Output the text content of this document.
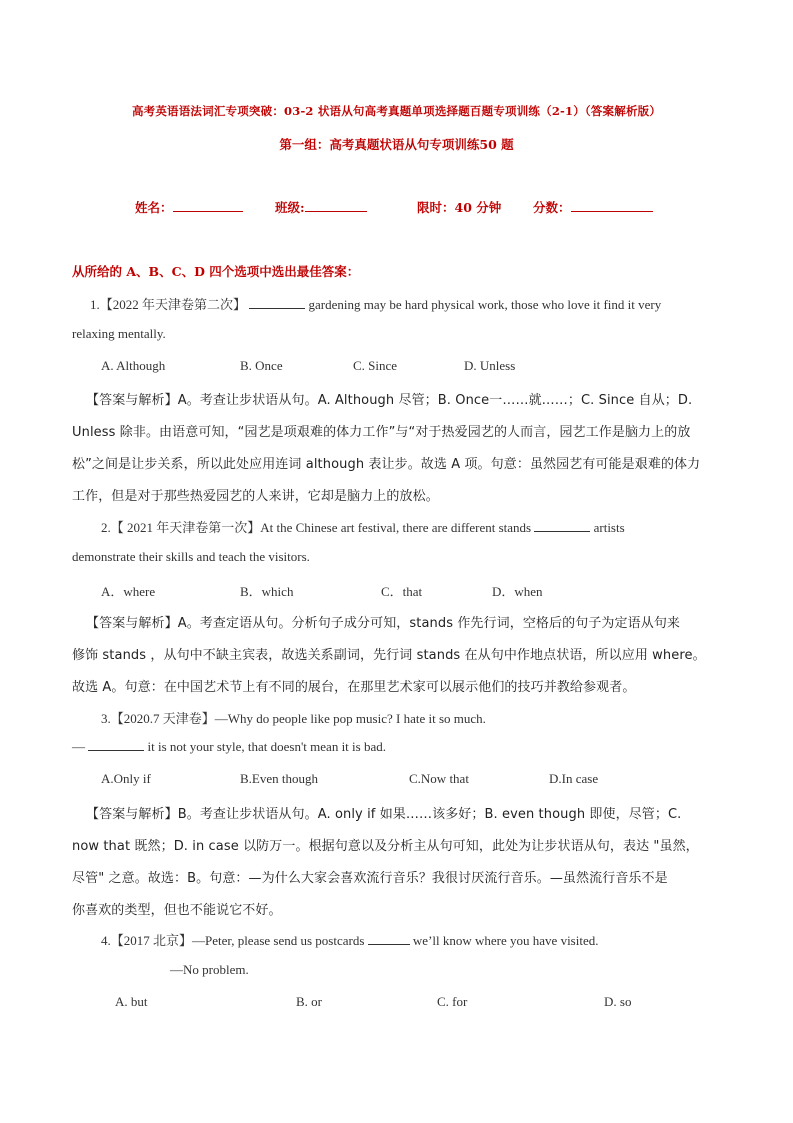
高考英语语法词汇专项突破：03-2 状语从句高考真题单项选择题百题专项训练（2-1）（答案解析版）
第一组：高考真题状语从句专项训练50 题
姓名：	班级:	限时：40 分钟	分数：
从所给的 A、B、C、D 四个选项中选出最佳答案：
1.【2022 年天津卷第二次】	gardening may be hard physical work, those who love it find it very
relaxing mentally.
A. Although	B. Once	C. Since	D. Unless
【答案与解析】A。考查让步状语从句。A. Although 尽管；B. Once一……就……；C. Since 自从；D.
Unless 除非。由语意可知，“园艺是项艰难的体力工作”与“对于热爱园艺的人而言，园艺工作是脑力上的放
松”之间是让步关系，所以此处应用连词 although 表让步。故选 A 项。句意：虽然园艺有可能是艰难的体力
工作，但是对于那些热爱园艺的人来讲，它却是脑力上的放松。
2.【 2021 年天津卷第一次】At the Chinese art festival, there are different stands	artists
demonstrate their skills and teach the visitors.
A．where	B．which	C．that	D．when
【答案与解析】A。考查定语从句。分析句子成分可知，stands 作先行词，空格后的句子为定语从句来
修饰 stands ，从句中不缺主宾表，故选关系副词，先行词 stands 在从句中作地点状语，所以应用 where。
故选 A。句意：在中国艺术节上有不同的展台，在那里艺术家可以展示他们的技巧并教给参观者。
3.【2020.7 天津卷】—Why do people like pop music? I hate it so much.
—	it is not your style, that doesn't mean it is bad.
A.Only if	B.Even though	C.Now that	D.In case
【答案与解析】B。考查让步状语从句。A. only if 如果……该多好；B. even though 即使，尽管；C.
now that 既然；D. in case 以防万一。根据句意以及分析主从句可知，此处为让步状语从句，表达 "虽然，
尽管" 之意。故选：B。句意：—为什么大家会喜欢流行音乐？我很讨厌流行音乐。—虽然流行音乐不是
你喜欢的类型，但也不能说它不好。
4.【2017 北京】—Peter, please send us postcards	we’ll know where you have visited.
—No problem.
A. but	B. or	C. for	D. so
